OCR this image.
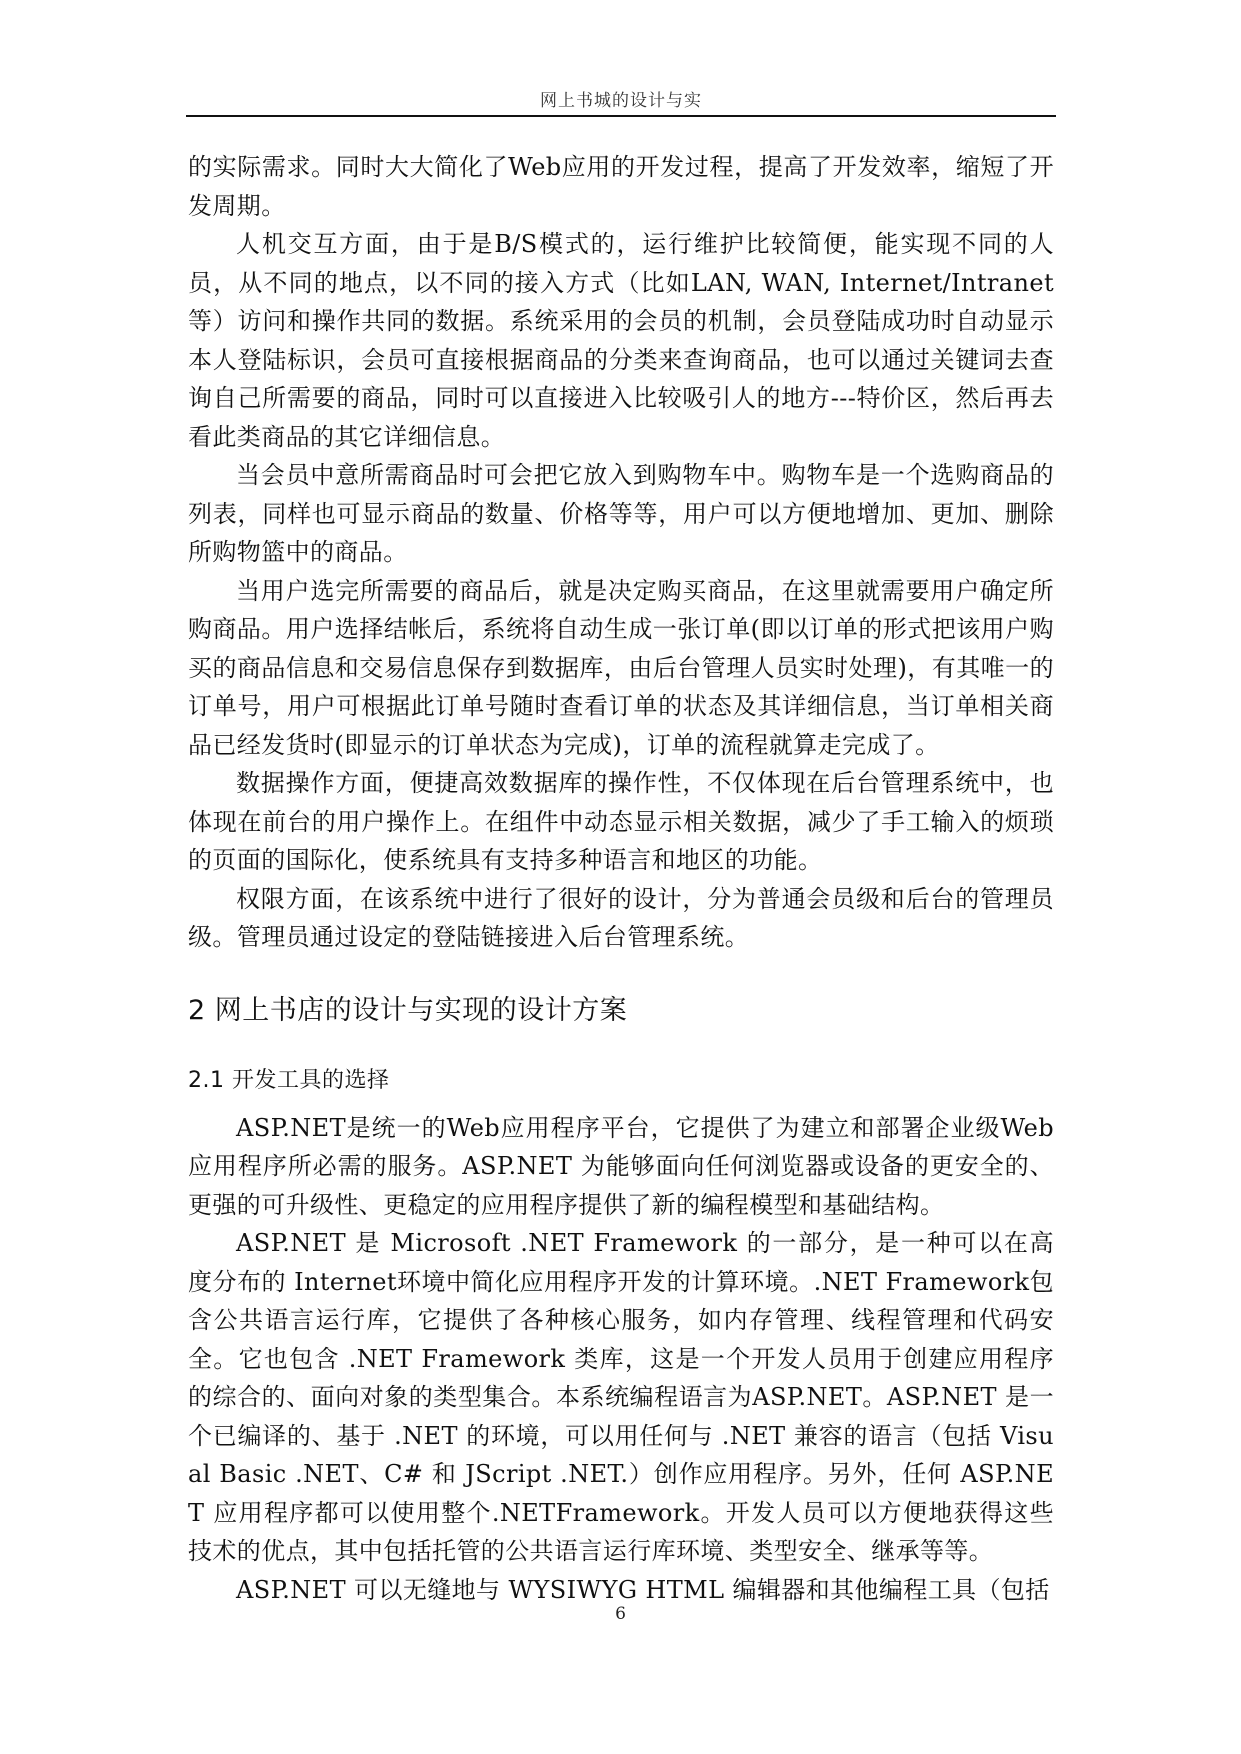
网上书城的设计与实

的实际需求。同时大大简化了Web应用的开发过程，提高了开发效率，缩短了开发周期。

人机交互方面，由于是B/S模式的，运行维护比较简便，能实现不同的人员，从不同的地点，以不同的接入方式（比如LAN, WAN, Internet/Intranet等）访问和操作共同的数据。系统采用的会员的机制，会员登陆成功时自动显示本人登陆标识，会员可直接根据商品的分类来查询商品，也可以通过关键词去查询自己所需要的商品，同时可以直接进入比较吸引人的地方---特价区，然后再去看此类商品的其它详细信息。

当会员中意所需商品时可会把它放入到购物车中。购物车是一个选购商品的列表，同样也可显示商品的数量、价格等等，用户可以方便地增加、更加、删除所购物篮中的商品。

当用户选完所需要的商品后，就是决定购买商品，在这里就需要用户确定所购商品。用户选择结帐后，系统将自动生成一张订单(即以订单的形式把该用户购买的商品信息和交易信息保存到数据库，由后台管理人员实时处理)，有其唯一的订单号，用户可根据此订单号随时查看订单的状态及其详细信息，当订单相关商品已经发货时(即显示的订单状态为完成)，订单的流程就算走完成了。

数据操作方面，便捷高效数据库的操作性，不仅体现在后台管理系统中，也体现在前台的用户操作上。在组件中动态显示相关数据，减少了手工输入的烦琐的页面的国际化，使系统具有支持多种语言和地区的功能。

权限方面，在该系统中进行了很好的设计，分为普通会员级和后台的管理员级。管理员通过设定的登陆链接进入后台管理系统。

2 网上书店的设计与实现的设计方案
2.1 开发工具的选择

ASP.NET是统一的Web应用程序平台，它提供了为建立和部署企业级Web应用程序所必需的服务。ASP.NET 为能够面向任何浏览器或设备的更安全的、更强的可升级性、更稳定的应用程序提供了新的编程模型和基础结构。

ASP.NET 是 Microsoft .NET Framework 的一部分，是一种可以在高度分布的 Internet环境中简化应用程序开发的计算环境。.NET Framework包含公共语言运行库，它提供了各种核心服务，如内存管理、线程管理和代码安全。它也包含 .NET Framework 类库，这是一个开发人员用于创建应用程序的综合的、面向对象的类型集合。本系统编程语言为ASP.NET。ASP.NET 是一个已编译的、基于 .NET 的环境，可以用任何与 .NET 兼容的语言（包括 Visual Basic .NET、C# 和 JScript .NET.）创作应用程序。另外，任何 ASP.NET 应用程序都可以使用整个.NETFramework。开发人员可以方便地获得这些技术的优点，其中包括托管的公共语言运行库环境、类型安全、继承等等。

ASP.NET 可以无缝地与 WYSIWYG HTML 编辑器和其他编程工具（包括

6
